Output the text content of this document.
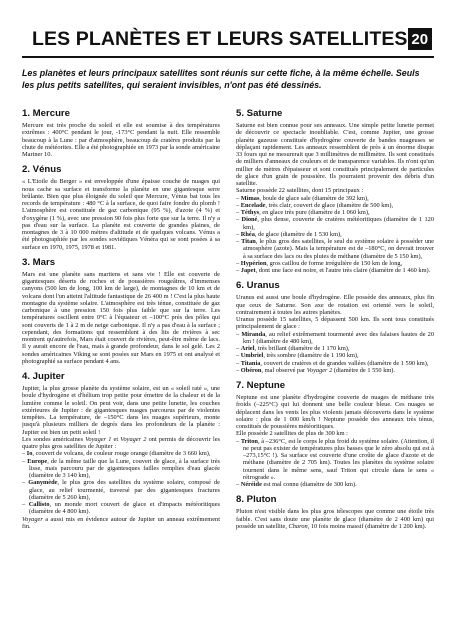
LES PLANÈTES ET LEURS SATELLITES 20
Les planètes et leurs principaux satellites sont réunis sur cette fiche, à la même échelle. Seuls les plus petits satellites, qui seraient invisibles, n'ont pas été dessinés.
1. Mercure

Mercure est très proche du soleil et elle est soumise à des températures extrêmes : 400°C pendant le jour, -173°C pendant la nuit. Elle ressemble beaucoup à la Lune : par d'atmosphère, beaucoup de cratères produits par la chute de météorites. Elle a été photographiée en 1973 par la sonde américaine Mariner 10.

2. Vénus

« L'Etoile du Berger » est enveloppée d'une épaisse couche de nuages qui nous cache sa surface et transforme la planète en une gigantesque serre brûlante. Bien que plus éloignée du soleil que Mercure, Vénus bat tous les records de température : 480 °C à la surface, de quoi faire fondre du plomb ! L'atmosphère est constituée de gaz carbonique (95 %), d'azote (4 %) et d'oxygène (1 %), avec une pression 90 fois plus forte que sur la terre. Il n'y a pas d'eau sur la surface. La planète est couverte de grandes plaines, de montagnes de 3 à 10 000 mètres d'altitude et de quelques volcans. Vénus a été photographiée par les sondes soviétiques Vénéra qui se sont posées à sa surface en 1970, 1975, 1978 et 1981.

3. Mars

Mars est une planète sans martiens et sans vie ! Elle est couverte de gigantesques déserts de roches et de poussières rougeâtres, d'immenses canyons (500 km de long, 100 km de large), de montagnes de 10 km et de volcans dont l'un atteint l'altitude fantastique de 26 400 m ! C'est la plus haute montagne du système solaire. L'atmosphère est très ténue, constituée de gaz carbonique à une pression 150 fois plus faible que sur la terre. Les températures oscillent entre 0°C à l'équateur et –100°C près des pôles qui sont couverts de 1 à 2 m de neige carbonique. Il n'y a pas d'eau à la surface ; cependant, des formations qui ressemblent à des lits de rivières à sec montrent qu'autrefois, Mars était couvert de rivières, peut-être même de lacs. Il y aurait encore de l'eau, mais à grande profondeur, dans le sol gelé. Les 2 sondes américaines Viking se sont posées sur Mars en 1975 et ont analysé et photographié sa surface pendant 4 ans.

4. Jupiter

Jupiter, la plus grosse planète du système solaire, est un « soleil raté », une boule d'hydrogène et d'hélium trop petite pour émettre de la chaleur et de la lumière comme le soleil. On peut voir, dans une petite lunette, les couches extérieures de Jupiter : de gigantesques nuages parcourus par de violentes tempêtes. La température, de –150°C dans les nuages supérieurs, monte jusqu'à plusieurs milliers de degrés dans les profondeurs de la planète : Jupiter est bien un petit soleil !

Les sondes américaines Voyager 1 et Voyager 2 ont permis de découvrir les quatre plus gros satellites de Jupiter :

– Io, couvert de volcans, de couleur rouge orange (diamètre de 3 660 km),
– Europe, de la même taille que la Lune, couvert de glace, à la surface très lisse, mais parcouru par de gigantesques failles remplies d'eau glacée (diamètre de 3 140 km),
– Ganymède, le plus gros des satellites du système solaire, composé de glace, au relief tourmenté, traversé par des gigantesques fractures (diamètre de 5 260 km),
– Callisto, un monde mort couvert de glace et d'impacts météoritiques (diamètre de 4 800 km).

Voyager a aussi mis en évidence autour de Jupiter un anneau extrêmement fin.

5. Saturne

Saturne est bien connue pour ses anneaux. Une simple petite lunette permet de découvrir ce spectacle inoubliable. C'est, comme Jupiter, une grosse planète gazeuse constituée d'hydrogène couverte de bandes nuageuses se déplaçant rapidement. Les anneaux ressemblent de près à un énorme disque 33 fours qui ne mesurerait que 3 millimètres de millimètre. Ils sont constitués de milliers d'anneaux de couleurs et de transparence variables. Ils n'ont qu'un millier de mètres d'épaisseur et sont constitués principalement de particules de glace d'un grain de poussière. Ils pourraient provenir des débris d'un satellite.

Saturne possède 22 satellites, dont 15 principaux :

– Mimas, boule de glace sale (diamètre de 392 km),
– Encelade, très clair, couvert de glace (diamètre de 500 km),
– Téthys, en glace très pure (diamètre de 1 060 km),
– Dioné, plus dense, couverte de cratères météoritiques (diamètre de 1 120 km),
– Rhéa, de glace (diamètre de 1 530 km),
– Titan, le plus gros des satellites, le seul du système solaire à posséder une atmosphère (azote). Mais la température est de –180°C, on devrait trouver à sa surface des lacs ou des pluies de méthane (diamètre de 5 150 km),
– Hypérion, gros caillou de forme irrégulière de 150 km de long,
– Japet, dont une face est noire, et l'autre très claire (diamètre de 1 460 km).
6. Uranus

Uranus est aussi une boule d'hydrogène. Elle possède des anneaux, plus fin que ceux de Saturne. Son axe de rotation est orienté vers le soleil, contrairement à toutes les autres planètes.

Uranus possède 15 satellites, 5 dépassent 500 km. Ils sont tous constitués principalement de glace :

– Miranda, au relief extrêmement tourmenté avec des falaises hautes de 20 km ! (diamètre de 480 km),
– Ariel, très brillant (diamètre de 1 170 km),
– Umbriel, très sombre (diamètre de 1 190 km),
– Titania, couvert de cratères et de grandes vallées (diamètre de 1 590 km),
– Obéron, mal observé par Voyager 2 (diamètre de 1 550 km).
7. Neptune

Neptune est une planète d'hydrogène couverte de nuages de méthane très froids (–225°C) qui lui donnent une belle couleur bleue. Ces nuages se déplacent dans les vents les plus violents jamais découverts dans le système solaire : plus de 1 000 km/h ! Neptune possède des anneaux très ténus, constitués de poussières météoritiques.

Elle possède 2 satellites de plus de 300 km :

– Triton, à –236°C, est le corps le plus froid du système solaire. (Attention, il ne peut pas exister de températures plus basses que le zéro absolu qui est à –273,15°C !). Sa surface est couverte d'une croûte de glace d'azote et de méthane (diamètre de 2 705 km). Toutes les planètes du système solaire tournent dans le même sens, sauf Triton qui circule dans le sens « rétrograde ».
– Néréide est mal connu (diamètre de 300 km).
8. Pluton

Pluton n'est visible dans les plus gros télescopes que comme une étoile très faible. C'est sans doute une planète de glace (diamètre de 2 400 km) qui possède un satellite, Charon, 10 fois moins massif (diamètre de 1 200 km).
